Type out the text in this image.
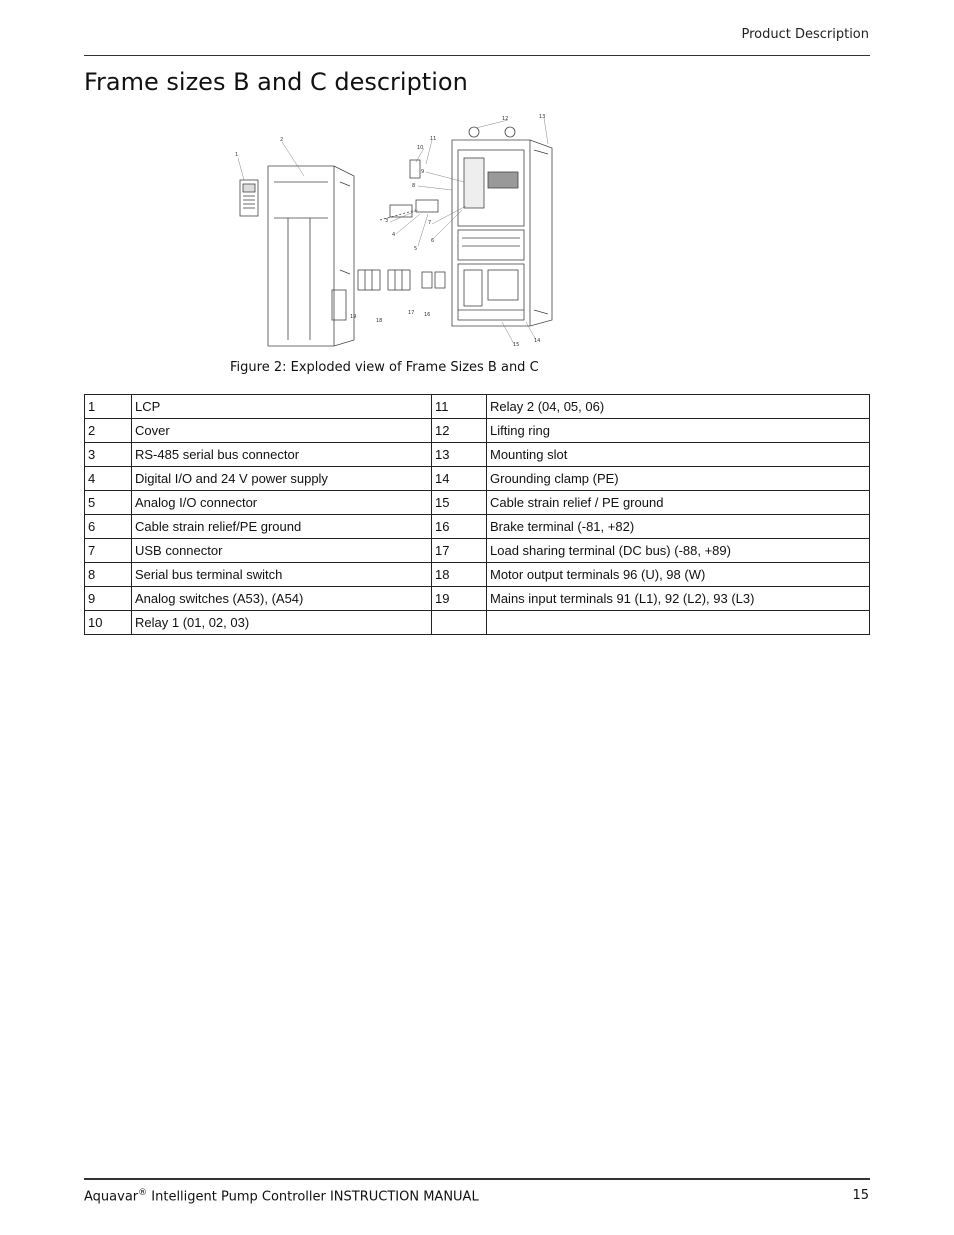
Product Description
Frame sizes B and C description
1
2
3
4
5
6
7
8
9
10
11
12	13
14
15
16
17
18
19
Figure 2: Exploded view of Frame Sizes B and C
1	LCP	11	Relay 2 (04, 05, 06)
2	Cover	12	Lifting ring
3	RS-485 serial bus connector	13	Mounting slot
4	Digital I/O and 24 V power supply	14	Grounding clamp (PE)
5	Analog I/O connector	15	Cable strain relief / PE ground
6	Cable strain relief/PE ground	16	Brake terminal (-81, +82)
7	USB connector	17	Load sharing terminal (DC bus) (-88, +89)
8	Serial bus terminal switch	18	Motor output terminals 96 (U), 98 (W)
9	Analog switches (A53), (A54)	19	Mains input terminals 91 (L1), 92 (L2), 93 (L3)
10	Relay 1 (01, 02, 03)		
Aquavar® Intelligent Pump Controller INSTRUCTION MANUAL	15
